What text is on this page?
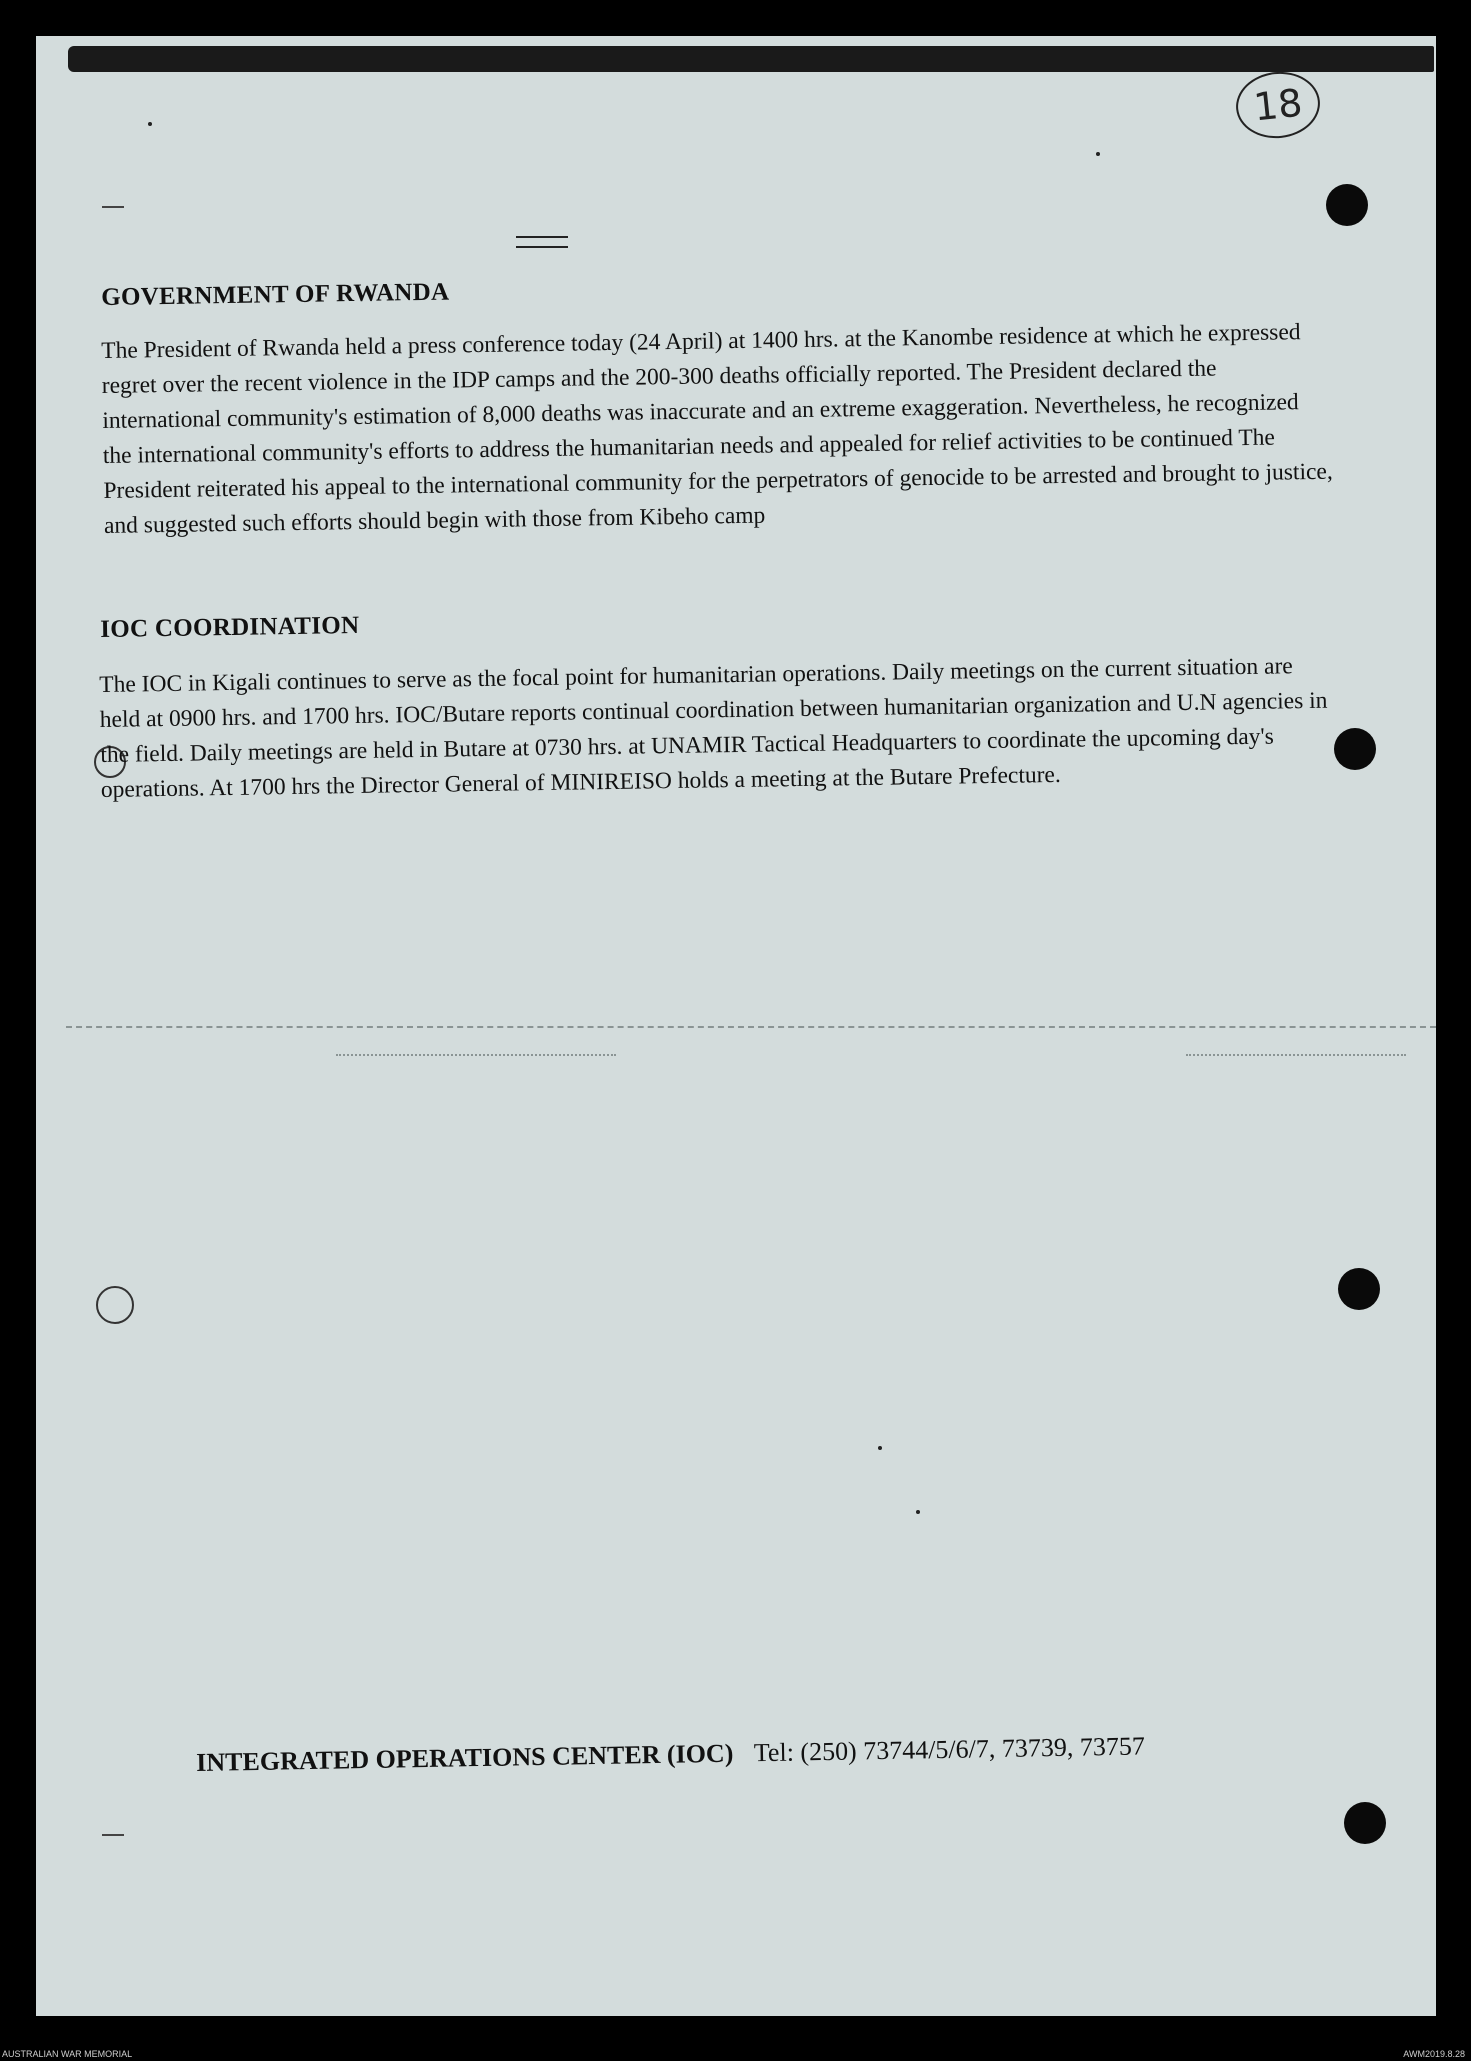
18
GOVERNMENT OF RWANDA

The President of Rwanda held a press conference today (24 April) at 1400 hrs. at the Kanombe residence at which he expressed regret over the recent violence in the IDP camps and the 200-300 deaths officially reported. The President declared the international community's estimation of 8,000 deaths was inaccurate and an extreme exaggeration. Nevertheless, he recognized the international community's efforts to address the humanitarian needs and appealed for relief activities to be continued The President reiterated his appeal to the international community for the perpetrators of genocide to be arrested and brought to justice, and suggested such efforts should begin with those from Kibeho camp

IOC COORDINATION

The IOC in Kigali continues to serve as the focal point for humanitarian operations. Daily meetings on the current situation are held at 0900 hrs. and 1700 hrs. IOC/Butare reports continual coordination between humanitarian organization and U.N agencies in the field. Daily meetings are held in Butare at 0730 hrs. at UNAMIR Tactical Headquarters to coordinate the upcoming day's operations. At 1700 hrs the Director General of MINIREISO holds a meeting at the Butare Prefecture.

INTEGRATED OPERATIONS CENTER (IOC) Tel: (250) 73744/5/6/7, 73739, 73757
AUSTRALIAN WAR MEMORIAL	AWM2019.8.28
